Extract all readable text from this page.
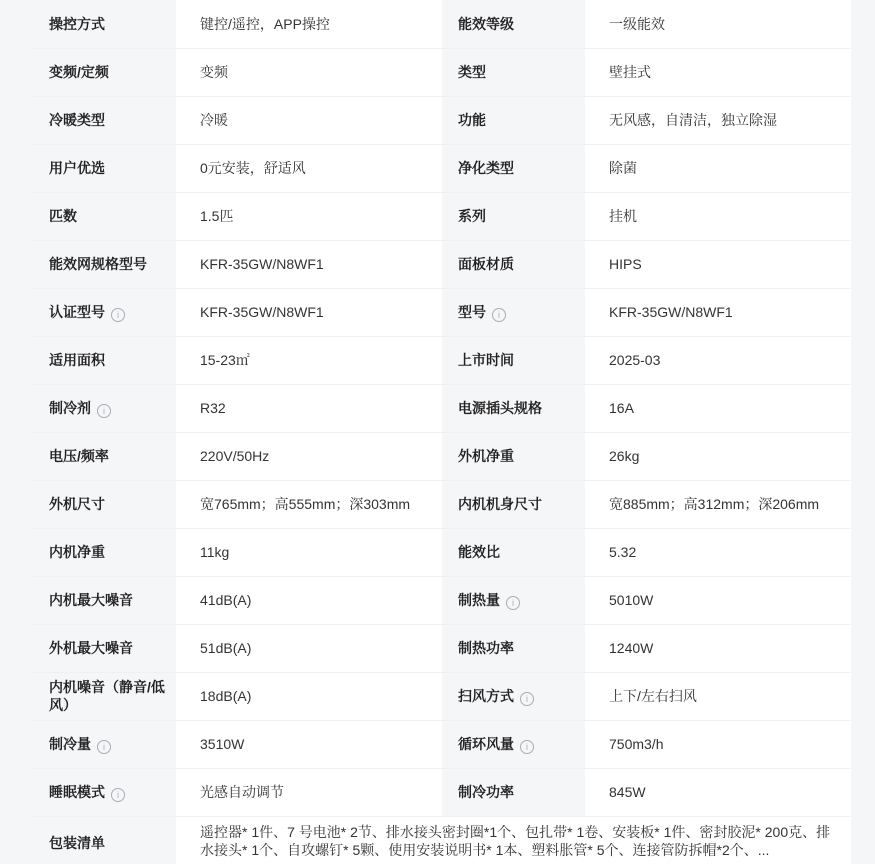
操控方式	键控/遥控，APP操控	能效等级	一级能效
变频/定频	变频	类型	壁挂式
冷暖类型	冷暖	功能	无风感，自清洁，独立除湿
用户优选	0元安装，舒适风	净化类型	除菌
匹数	1.5匹	系列	挂机
能效网规格型号	KFR-35GW/N8WF1	面板材质	HIPS
认证型号 i	KFR-35GW/N8WF1	型号 i	KFR-35GW/N8WF1
适用面积	15-23㎡	上市时间	2025-03
制冷剂 i	R32	电源插头规格	16A
电压/频率	220V/50Hz	外机净重	26kg
外机尺寸	宽765mm；高555mm；深303mm	内机机身尺寸	宽885mm；高312mm；深206mm
内机净重	11kg	能效比	5.32
内机最大噪音	41dB(A)	制热量 i	5010W
外机最大噪音	51dB(A)	制热功率	1240W
内机噪音（静音/低风）	18dB(A)	扫风方式 i	上下/左右扫风
制冷量 i	3510W	循环风量 i	750m3/h
睡眠模式 i	光感自动调节	制冷功率	845W
包装清单	遥控器* 1件、7 号电池* 2节、排水接头密封圈*1个、包扎带* 1卷、安装板* 1件、密封胶泥* 200克、排水接头* 1个、自攻螺钉* 5颗、使用安装说明书* 1本、塑料胀管* 5个、连接管防拆帽*2个、...		
